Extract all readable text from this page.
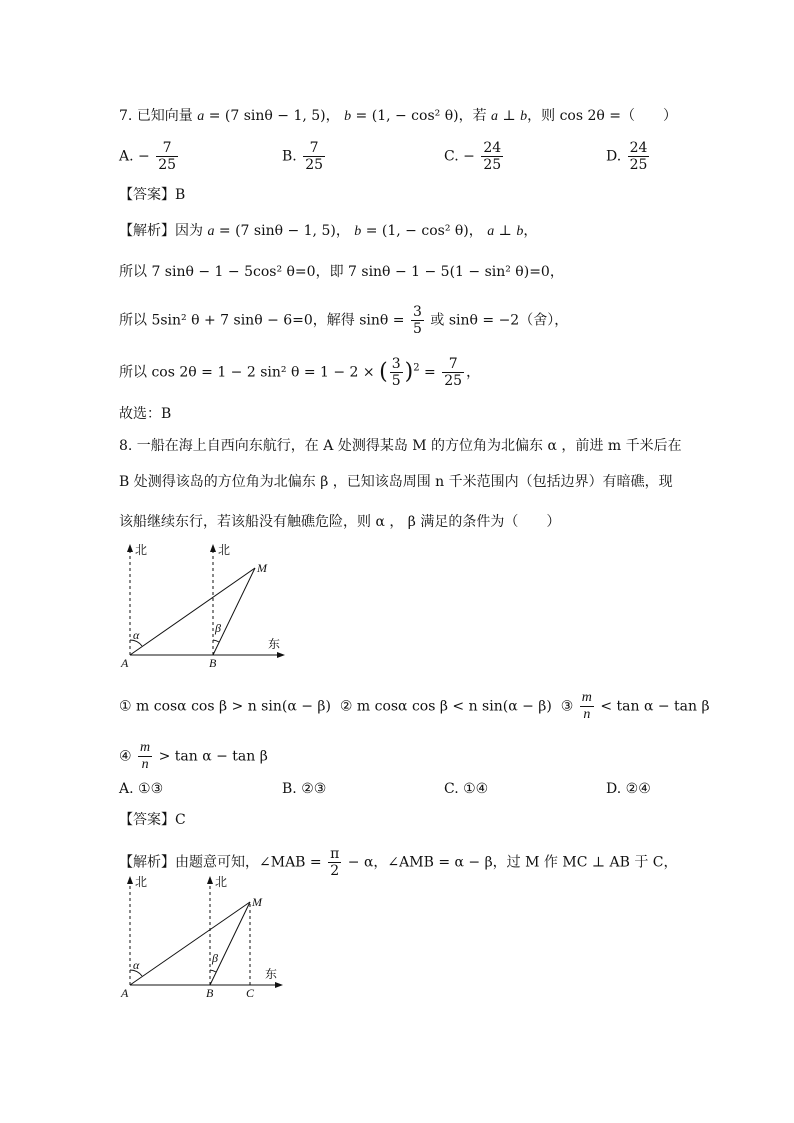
7. 已知向量 a = (7 sinθ − 1, 5)， b = (1, − cos² θ)，若 a ⊥ b，则 cos 2θ =（　　）
A. − $\frac{7}{25}$	B. $\frac{7}{25}$	C. − $\frac{24}{25}$	D. $\frac{24}{25}$
【答案】B
【解析】因为 a = (7 sinθ − 1, 5)， b = (1, − cos² θ)， a ⊥ b，
所以 7 sinθ − 1 − 5cos² θ=0，即 7 sinθ − 1 − 5(1 − sin² θ)=0，
所以 5sin² θ + 7 sinθ − 6=0，解得 $\sin\theta = \frac{3}{5}$ 或 sinθ = −2（舍），
所以 cos 2θ = 1 − 2 sin² θ = 1 − 2 × ( $\frac{3}{5} )^2 = \frac{7}{25}$ ，
故选：B
8. 一船在海上自西向东航行，在 A 处测得某岛 M 的方位角为北偏东 α ，前进 m 千米后在
B 处测得该岛的方位角为北偏东 β ，已知该岛周围 n 千米范围内（包括边界）有暗礁，现
该船继续东行，若该船没有触礁危险，则 α ， β 满足的条件为（　　）
北	北
东
α	β
A	B
M
① m cosα cos β > n sin(α − β) ② m cosα cos β < n sin(α − β) ③ $\frac{m}{n} < \tan \alpha - \tan \beta$
④ $\frac{m}{n} > \tan \alpha - \tan \beta$
A. ①③	B. ②③	C. ①④	D. ②④
【答案】C
【解析】由题意可知，∠MAB = $\frac{\pi}{2} - \alpha$，∠AMB = α − β，过 M 作 MC ⊥ AB 于 C，
北	北
东
α	β
A	B	C
M
